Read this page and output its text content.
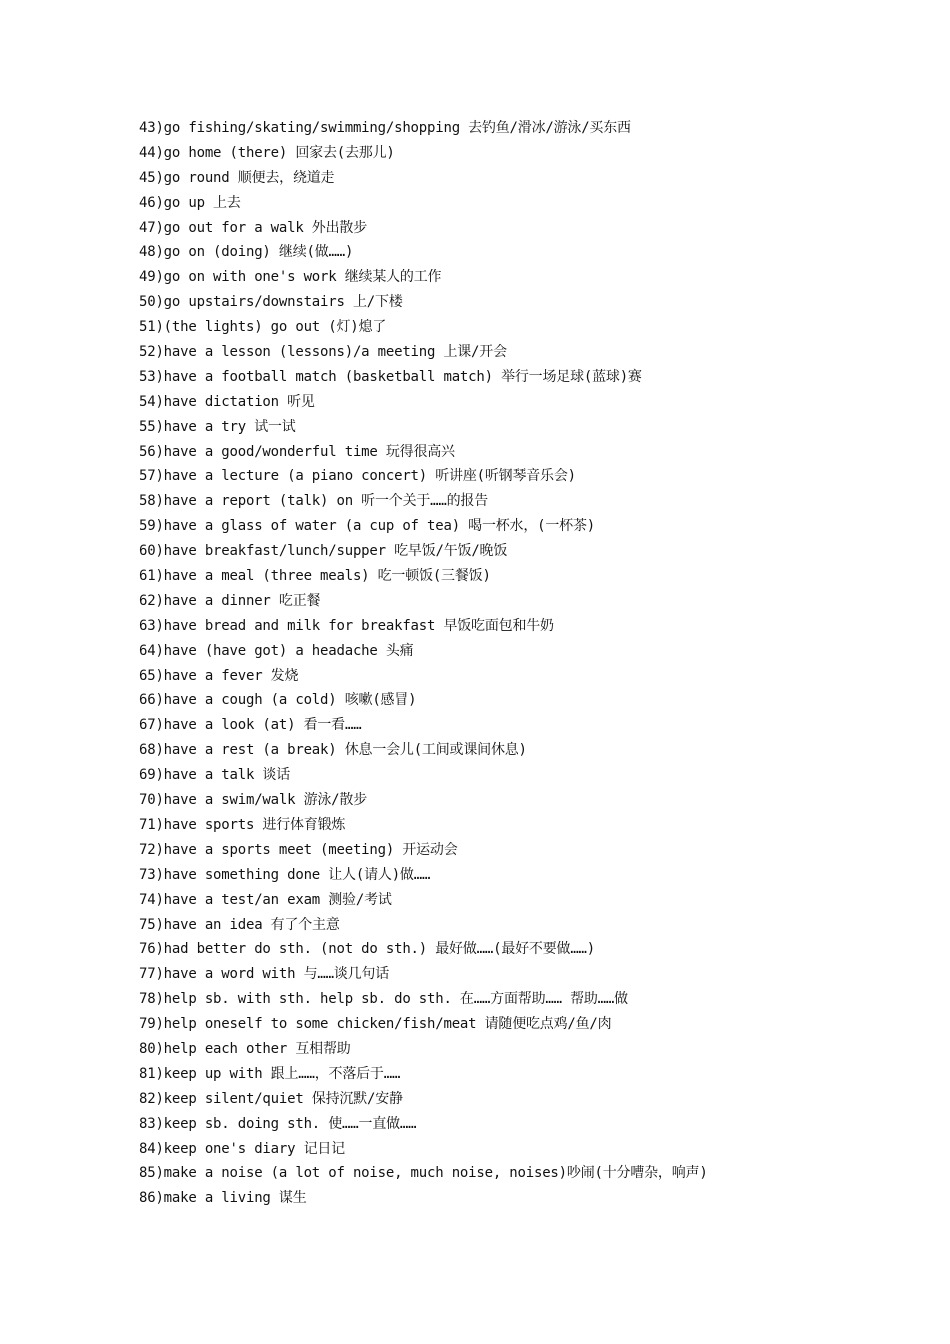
43)go fishing/skating/swimming/shopping 去钓鱼/滑冰/游泳/买东西
44)go home (there) 回家去(去那儿)
45)go round 顺便去，绕道走
46)go up 上去
47)go out for a walk 外出散步
48)go on (doing) 继续(做……)
49)go on with one's work 继续某人的工作
50)go upstairs/downstairs 上/下楼
51)(the lights) go out (灯)熄了
52)have a lesson (lessons)/a meeting 上课/开会
53)have a football match (basketball match) 举行一场足球(蓝球)赛
54)have dictation 听见
55)have a try 试一试
56)have a good/wonderful time 玩得很高兴
57)have a lecture (a piano concert) 听讲座(听钢琴音乐会)
58)have a report (talk) on 听一个关于……的报告
59)have a glass of water (a cup of tea) 喝一杯水，(一杯茶)
60)have breakfast/lunch/supper 吃早饭/午饭/晚饭
61)have a meal (three meals) 吃一顿饭(三餐饭)
62)have a dinner 吃正餐
63)have bread and milk for breakfast 早饭吃面包和牛奶
64)have (have got) a headache 头痛
65)have a fever 发烧
66)have a cough (a cold) 咳嗽(感冒)
67)have a look (at) 看一看……
68)have a rest (a break) 休息一会儿(工间或课间休息)
69)have a talk 谈话
70)have a swim/walk 游泳/散步
71)have sports 进行体育锻炼
72)have a sports meet (meeting) 开运动会
73)have something done 让人(请人)做……
74)have a test/an exam 测验/考试
75)have an idea 有了个主意
76)had better do sth. (not do sth.) 最好做……(最好不要做……)
77)have a word with 与……谈几句话
78)help sb. with sth. help sb. do sth. 在……方面帮助…… 帮助……做
79)help oneself to some chicken/fish/meat 请随便吃点鸡/鱼/肉
80)help each other 互相帮助
81)keep up with 跟上……，不落后于……
82)keep silent/quiet 保持沉默/安静
83)keep sb. doing sth. 使……一直做……
84)keep one's diary 记日记
85)make a noise (a lot of noise, much noise, noises)吵闹(十分嘈杂，响声)
86)make a living 谋生
